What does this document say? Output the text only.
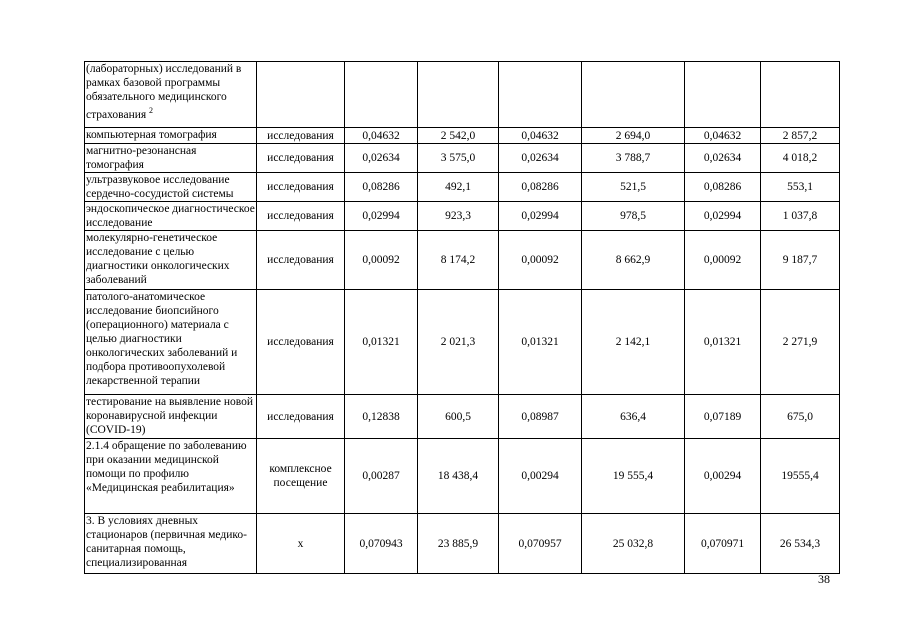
(лабораторных) исследований в рамках базовой программы обязательного медицинского страхования $^2$							
компьютерная томография	исследования	0,04632	2 542,0	0,04632	2 694,0	0,04632	2 857,2
магнитно-резонансная томография	исследования	0,02634	3 575,0	0,02634	3 788,7	0,02634	4 018,2
ультразвуковое исследование сердечно-сосудистой системы	исследования	0,08286	492,1	0,08286	521,5	0,08286	553,1
эндоскопическое диагностическое исследование	исследования	0,02994	923,3	0,02994	978,5	0,02994	1 037,8
молекулярно-генетическое исследование с целью диагностики онкологических заболеваний	исследования	0,00092	8 174,2	0,00092	8 662,9	0,00092	9 187,7
патолого-анатомическое исследование биопсийного (операционного) материала с целью диагностики онкологических заболеваний и подбора противоопухолевой лекарственной терапии	исследования	0,01321	2 021,3	0,01321	2 142,1	0,01321	2 271,9
тестирование на выявление новой коронавирусной инфекции (COVID-19)	исследования	0,12838	600,5	0,08987	636,4	0,07189	675,0
2.1.4 обращение по заболеванию при оказании медицинской помощи по профилю «Медицинская реабилитация»	комплексное посещение	0,00287	18 438,4	0,00294	19 555,4	0,00294	19555,4
3. В условиях дневных стационаров (первичная медико-санитарная помощь, специализированная	x	0,070943	23 885,9	0,070957	25 032,8	0,070971	26 534,3
38
